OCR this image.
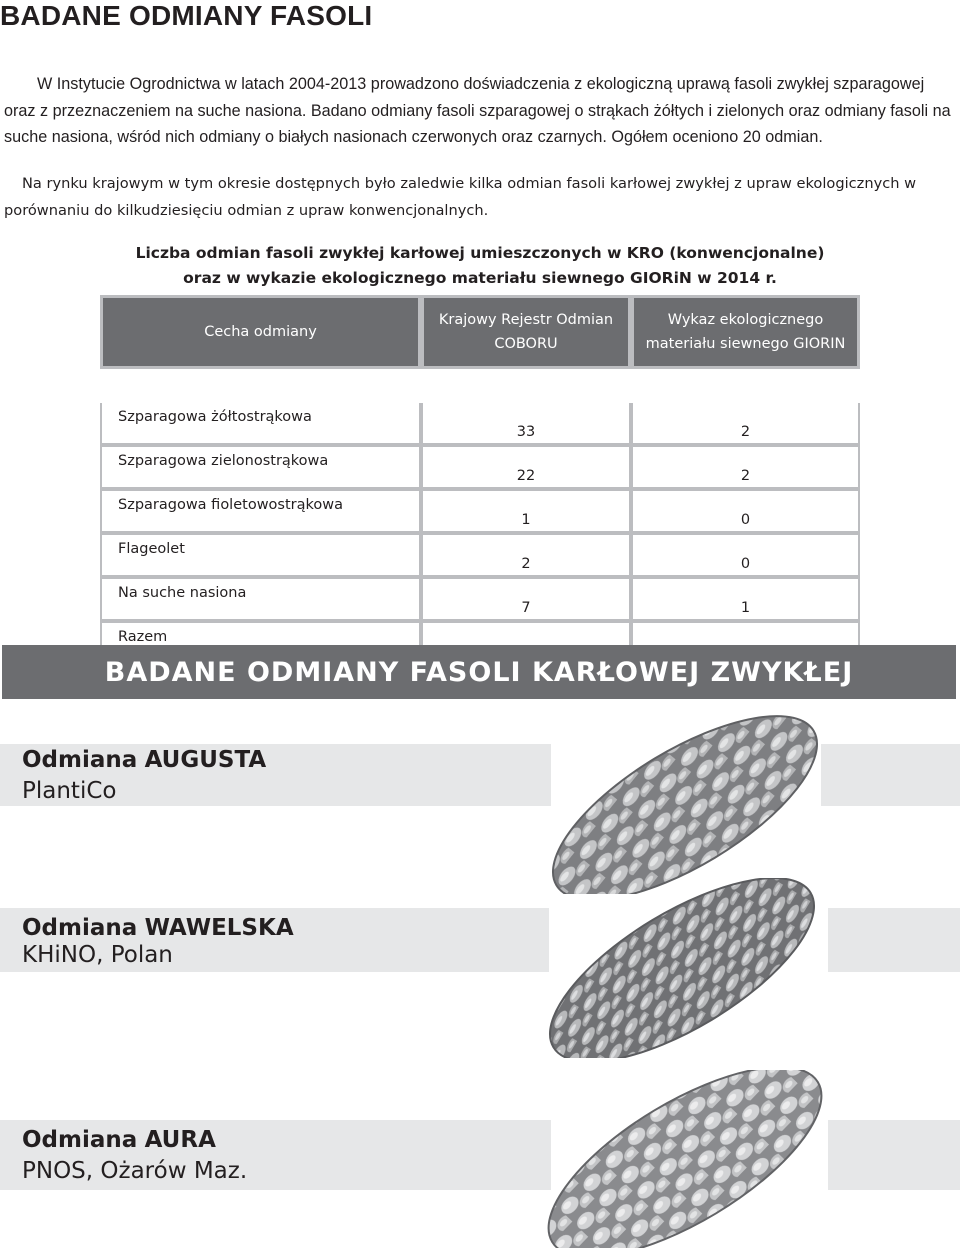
BADANE ODMIANY FASOLI

W Instytucie Ogrodnictwa w latach 2004-2013 prowadzono doświadczenia z ekologiczną uprawą fasoli zwykłej szparagowej oraz z przeznaczeniem na suche nasiona. Badano odmiany fasoli szparagowej o strąkach żółtych i zielonych oraz odmiany fasoli na suche nasiona, wśród nich odmiany o białych nasionach czerwonych oraz czarnych. Ogółem oceniono 20 odmian.

Na rynku krajowym w tym okresie dostępnych było zaledwie kilka odmian fasoli karłowej zwykłej z upraw ekologicznych w porównaniu do kilkudziesięciu odmian z upraw konwencjonalnych.

Liczba odmian fasoli zwykłej karłowej umieszczonych w KRO (konwencjonalne)
oraz w wykazie ekologicznego materiału siewnego GIORiN w 2014 r.
Cecha odmiany	Krajowy Rejestr Odmian COBORU	Wykaz ekologicznego materiału siewnego GIORIN

Szparagowa żółtostrąkowa	33	2
Szparagowa zielonostrąkowa	22	2
Szparagowa fioletowostrąkowa	1	0
Flageolet	2	0
Na suche nasiona	7	1
Razem		
BADANE ODMIANY FASOLI KARŁOWEJ ZWYKŁEJ
Odmiana AUGUSTA
PlantiCo
Odmiana WAWELSKA
KHiNO, Polan
Odmiana AURA
PNOS, Ożarów Maz.
